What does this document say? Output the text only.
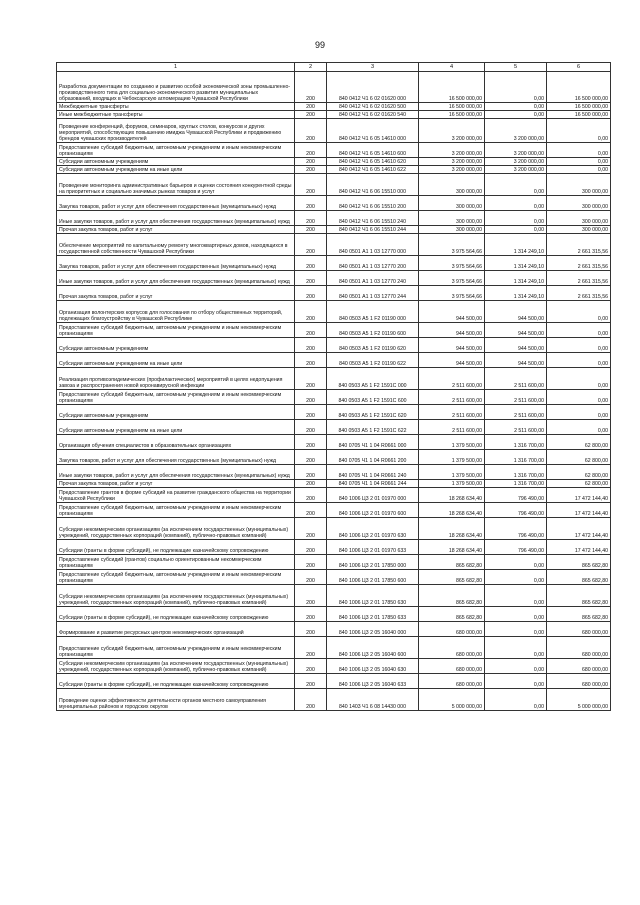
99
1	2	3	4	5	6
Разработка документации по созданию и развитию особой экономической зоны промышленно-производственного типа для социально-экономического развития муниципальных образований, входящих в Чебоксарскую агломерацию Чувашской Республики	200	840 0412 Ч1 6 02 01620 000	16 500 000,00	0,00	16 500 000,00
Межбюджетные трансферты	200	840 0412 Ч1 6 02 01620 500	16 500 000,00	0,00	16 500 000,00
Иные межбюджетные трансферты	200	840 0412 Ч1 6 02 01620 540	16 500 000,00	0,00	16 500 000,00
Проведение конференций, форумов, семинаров, круглых столов, конкурсов и других мероприятий, способствующих повышению имиджа Чувашской Республики и продвижению брендов чувашских производителей	200	840 0412 Ч1 6 05 14610 000	3 200 000,00	3 200 000,00	0,00
Предоставление субсидий бюджетным, автономным учреждениям и иным некоммерческим организациям	200	840 0412 Ч1 6 05 14610 600	3 200 000,00	3 200 000,00	0,00
Субсидии автономным учреждениям	200	840 0412 Ч1 6 05 14610 620	3 200 000,00	3 200 000,00	0,00
Субсидии автономным учреждениям на иные цели	200	840 0412 Ч1 6 05 14610 622	3 200 000,00	3 200 000,00	0,00
Проведение мониторинга административных барьеров и оценки состояния конкурентной среды на приоритетных и социально значимых рынках товаров и услуг	200	840 0412 Ч1 6 06 15510 000	300 000,00	0,00	300 000,00
Закупка товаров, работ и услуг для обеспечения государственных (муниципальных) нужд	200	840 0412 Ч1 6 06 15510 200	300 000,00	0,00	300 000,00
Иные закупки товаров, работ и услуг для обеспечения государственных (муниципальных) нужд	200	840 0412 Ч1 6 06 15510 240	300 000,00	0,00	300 000,00
Прочая закупка товаров, работ и услуг	200	840 0412 Ч1 6 06 15510 244	300 000,00	0,00	300 000,00
Обеспечение мероприятий по капитальному ремонту многоквартирных домов, находящихся в государственной собственности Чувашской Республики	200	840 0501 А1 1 03 12770 000	3 975 564,66	1 314 249,10	2 661 315,56
Закупка товаров, работ и услуг для обеспечения государственных (муниципальных) нужд	200	840 0501 А1 1 03 12770 200	3 975 564,66	1 314 249,10	2 661 315,56
Иные закупки товаров, работ и услуг для обеспечения государственных (муниципальных) нужд	200	840 0501 А1 1 03 12770 240	3 975 564,66	1 314 249,10	2 661 315,56
Прочая закупка товаров, работ и услуг	200	840 0501 А1 1 03 12770 244	3 975 564,66	1 314 249,10	2 661 315,56
Организация волонтерских корпусов для голосования по отбору общественных территорий, подлежащих благоустройству в Чувашской Республике	200	840 0503 А5 1 F2 01190 000	944 500,00	944 500,00	0,00
Предоставление субсидий бюджетным, автономным учреждениям и иным некоммерческим организациям	200	840 0503 А5 1 F2 01190 600	944 500,00	944 500,00	0,00
Субсидии автономным учреждениям	200	840 0503 А5 1 F2 01190 620	944 500,00	944 500,00	0,00
Субсидии автономным учреждениям на иные цели	200	840 0503 А5 1 F2 01190 622	944 500,00	944 500,00	0,00
Реализация противоэпидемических (профилактических) мероприятий в целях недопущения завоза и распространения новой коронавирусной инфекции	200	840 0503 А5 1 F2 1591C 000	2 511 600,00	2 511 600,00	0,00
Предоставление субсидий бюджетным, автономным учреждениям и иным некоммерческим организациям	200	840 0503 А5 1 F2 1591C 600	2 511 600,00	2 511 600,00	0,00
Субсидии автономным учреждениям	200	840 0503 А5 1 F2 1591C 620	2 511 600,00	2 511 600,00	0,00
Субсидии автономным учреждениям на иные цели	200	840 0503 А5 1 F2 1591C 622	2 511 600,00	2 511 600,00	0,00
Организация обучения специалистов в образовательных организациях	200	840 0705 Ч1 1 04 R0661 000	1 379 500,00	1 316 700,00	62 800,00
Закупка товаров, работ и услуг для обеспечения государственных (муниципальных) нужд	200	840 0705 Ч1 1 04 R0661 200	1 379 500,00	1 316 700,00	62 800,00
Иные закупки товаров, работ и услуг для обеспечения государственных (муниципальных) нужд	200	840 0705 Ч1 1 04 R0661 240	1 379 500,00	1 316 700,00	62 800,00
Прочая закупка товаров, работ и услуг	200	840 0705 Ч1 1 04 R0661 244	1 379 500,00	1 316 700,00	62 800,00
Предоставление грантов в форме субсидий на развитие гражданского общества на территории Чувашской Республики	200	840 1006 Ц3 2 01 01970 000	18 268 634,40	796 490,00	17 472 144,40
Предоставление субсидий бюджетным, автономным учреждениям и иным некоммерческим организациям	200	840 1006 Ц3 2 01 01970 600	18 268 634,40	796 490,00	17 472 144,40
Субсидии некоммерческим организациям (за исключением государственных (муниципальных) учреждений, государственных корпораций (компаний), публично-правовых компаний)	200	840 1006 Ц3 2 01 01970 630	18 268 634,40	796 490,00	17 472 144,40
Субсидии (гранты в форме субсидий), не подлежащие казначейскому сопровождению	200	840 1006 Ц3 2 01 01970 633	18 268 634,40	796 490,00	17 472 144,40
Предоставление субсидий (грантов) социально ориентированным некоммерческим организациям	200	840 1006 Ц3 2 01 17850 000	865 682,80	0,00	865 682,80
Предоставление субсидий бюджетным, автономным учреждениям и иным некоммерческим организациям	200	840 1006 Ц3 2 01 17850 600	865 682,80	0,00	865 682,80
Субсидии некоммерческим организациям (за исключением государственных (муниципальных) учреждений, государственных корпораций (компаний), публично-правовых компаний)	200	840 1006 Ц3 2 01 17850 630	865 682,80	0,00	865 682,80
Субсидии (гранты в форме субсидий), не подлежащие казначейскому сопровождению	200	840 1006 Ц3 2 01 17850 633	865 682,80	0,00	865 682,80
Формирование и развитие ресурсных центров некоммерческих организаций	200	840 1006 Ц3 2 05 16040 000	680 000,00	0,00	680 000,00
Предоставление субсидий бюджетным, автономным учреждениям и иным некоммерческим организациям	200	840 1006 Ц3 2 05 16040 600	680 000,00	0,00	680 000,00
Субсидии некоммерческим организациям (за исключением государственных (муниципальных) учреждений, государственных корпораций (компаний), публично-правовых компаний)	200	840 1006 Ц3 2 05 16040 630	680 000,00	0,00	680 000,00
Субсидии (гранты в форме субсидий), не подлежащие казначейскому сопровождению	200	840 1006 Ц3 2 05 16040 633	680 000,00	0,00	680 000,00
Проведение оценки эффективности деятельности органов местного самоуправления муниципальных районов и городских округов	200	840 1403 Ч1 6 08 14430 000	5 000 000,00	0,00	5 000 000,00
